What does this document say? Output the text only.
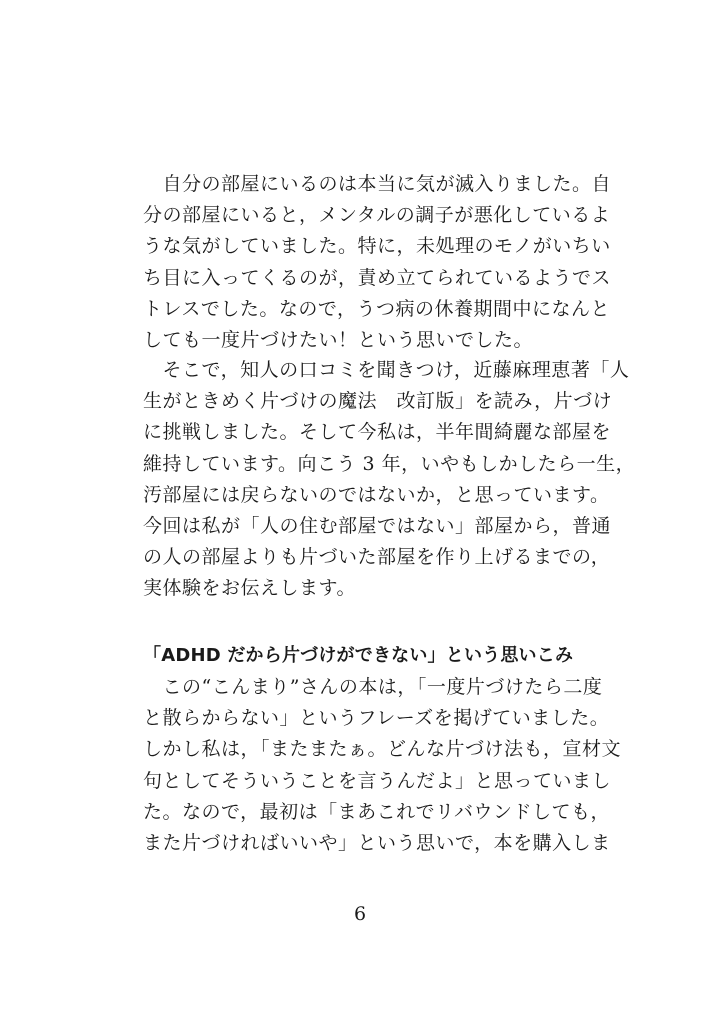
　自分の部屋にいるのは本当に気が滅入りました。自
分の部屋にいると，メンタルの調子が悪化しているよ
うな気がしていました。特に，未処理のモノがいちい
ち目に入ってくるのが，責め立てられているようでス
トレスでした。なので，うつ病の休養期間中になんと
しても一度片づけたい！という思いでした。
　そこで，知人の口コミを聞きつけ，近藤麻理恵著「人
生がときめく片づけの魔法　改訂版」を読み，片づけ
に挑戦しました。そして今私は，半年間綺麗な部屋を
維持しています。向こう 3 年，いやもしかしたら一生，
汚部屋には戻らないのではないか，と思っています。
今回は私が「人の住む部屋ではない」部屋から，普通
の人の部屋よりも片づいた部屋を作り上げるまでの，
実体験をお伝えします。
「ADHD だから片づけができない」という思いこみ
　この“こんまり”さんの本は，「一度片づけたら二度
と散らからない」というフレーズを掲げていました。
しかし私は，「またまたぁ。どんな片づけ法も，宣材文
句としてそういうことを言うんだよ」と思っていまし
た。なので，最初は「まあこれでリバウンドしても，
また片づければいいや」という思いで，本を購入しま
6
